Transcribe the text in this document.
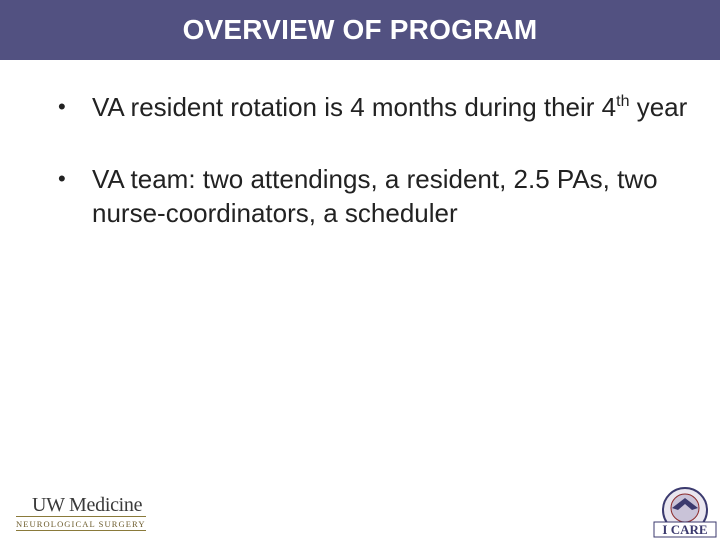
OVERVIEW OF PROGRAM
• VA resident rotation is 4 months during their 4th year
• VA team: two attendings, a resident, 2.5 PAs, two nurse-coordinators, a scheduler
UW Medicine
NEUROLOGICAL SURGERY	I CARE
